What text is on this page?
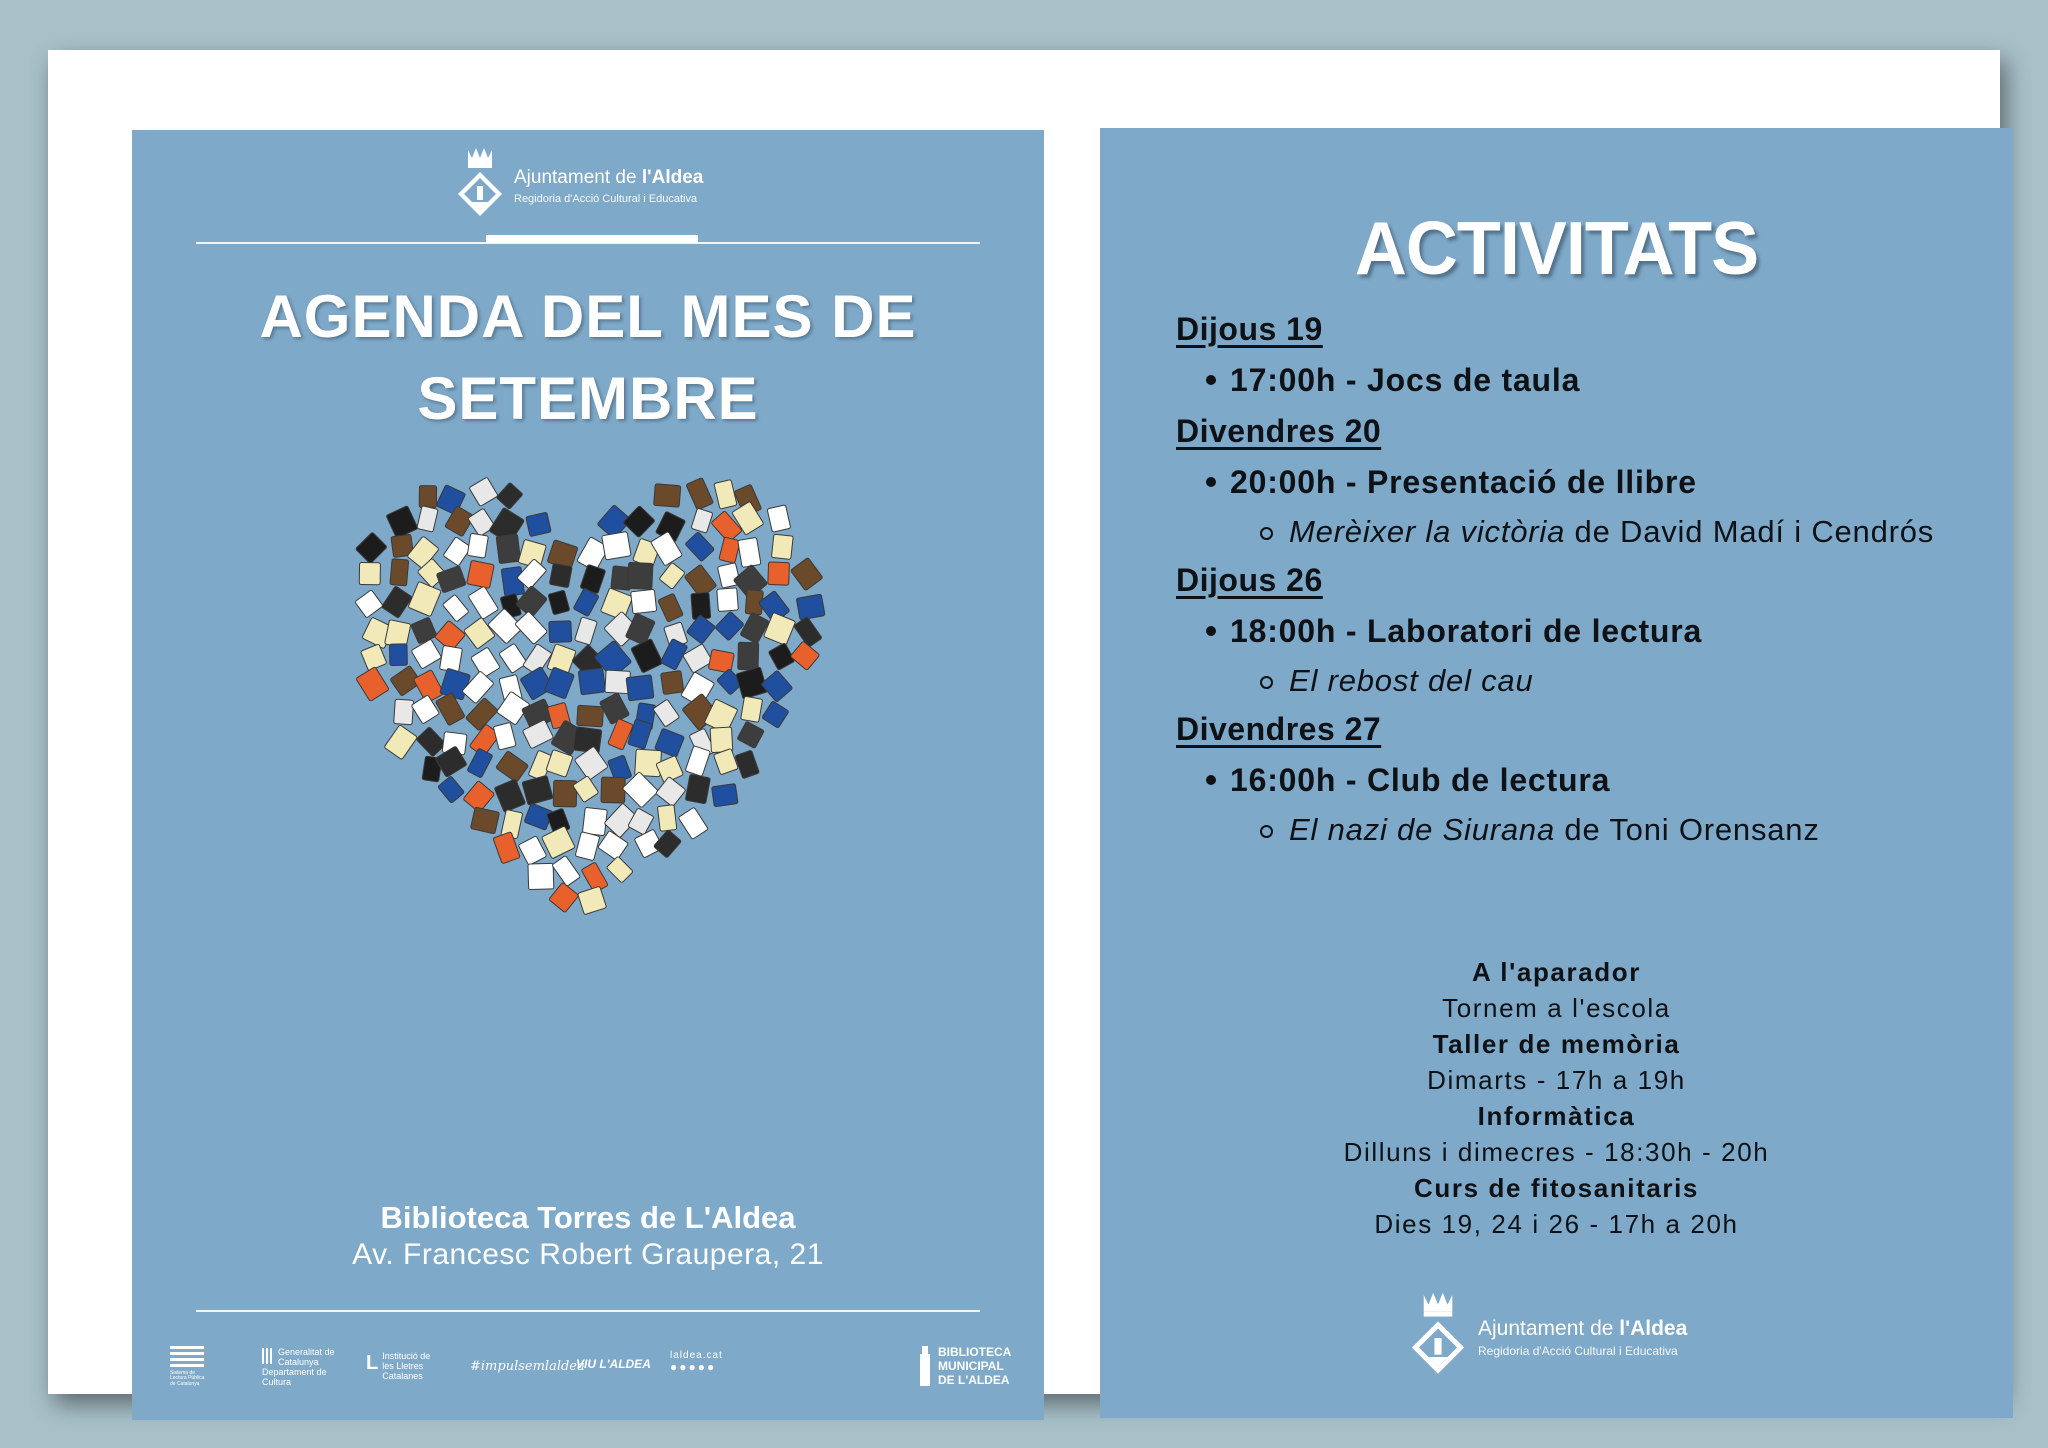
Ajuntament de l'Aldea
Regidoria d'Acció Cultural i Educativa
AGENDA DEL MES DE
SETEMBRE
Biblioteca Torres de L'Aldea
Av. Francesc Robert Graupera, 21
Sistema de Lectura Pública de Catalunya
Generalitat de Catalunya Departament de Cultura
L Institució de les Lletres Catalanes
#impulsemlaldea
VIU L'ALDEA
laldea.cat
●●●●●
BIBLIOTECA
MUNICIPAL
DE L'ALDEA
ACTIVITATS
Dijous 19
17:00h - Jocs de taula
Divendres 20
20:00h - Presentació de llibre
Merèixer la victòria de David Madí i Cendrós
Dijous 26
18:00h - Laboratori de lectura
El rebost del cau
Divendres 27
16:00h - Club de lectura
El nazi de Siurana de Toni Orensanz
A l'aparador
Tornem a l'escola
Taller de memòria
Dimarts - 17h a 19h
Informàtica
Dilluns i dimecres - 18:30h - 20h
Curs de fitosanitaris
Dies 19, 24 i 26 - 17h a 20h
Ajuntament de l'Aldea
Regidoria d'Acció Cultural i Educativa
